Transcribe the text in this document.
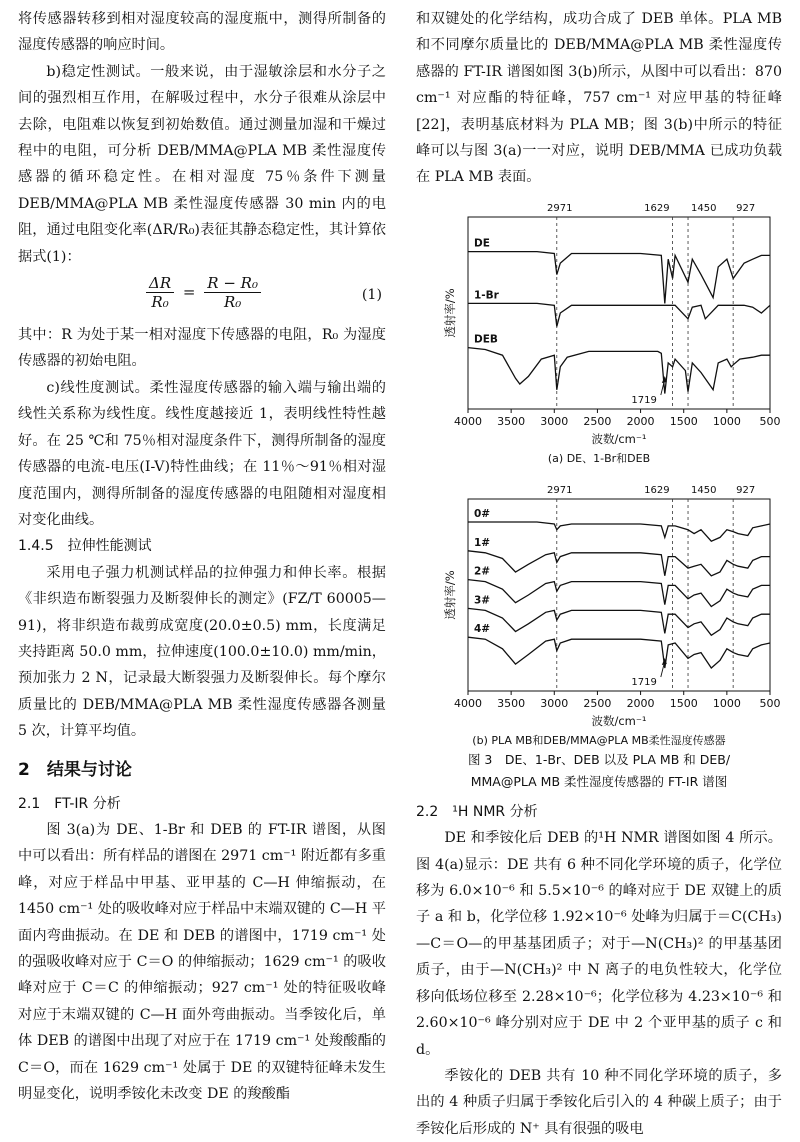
将传感器转移到相对湿度较高的湿度瓶中，测得所制备的湿度传感器的响应时间。

b)稳定性测试。一般来说，由于湿敏涂层和水分子之间的强烈相互作用，在解吸过程中，水分子很难从涂层中去除，电阻难以恢复到初始数值。通过测量加湿和干燥过程中的电阻，可分析 DEB/MMA@PLA MB 柔性湿度传感器的循环稳定性。在相对湿度 75％条件下测量 DEB/MMA@PLA MB 柔性湿度传感器 30 min 内的电阻，通过电阻变化率(ΔR/R₀)表征其静态稳定性，其计算依据式(1)：

$\frac{\Delta R}{\text{R₀}} = \frac{\text{R − R₀}}{\text{R₀}}$	(1)

其中：R 为处于某一相对湿度下传感器的电阻，R₀ 为湿度传感器的初始电阻。

c)线性度测试。柔性湿度传感器的输入端与输出端的线性关系称为线性度。线性度越接近 1，表明线性特性越好。在 25 ℃和 75％相对湿度条件下，测得所制备的湿度传感器的电流-电压(I-V)特性曲线；在 11％～91％相对湿度范围内，测得所制备的湿度传感器的电阻随相对湿度相对变化曲线。

1.4.5　拉伸性能测试

采用电子强力机测试样品的拉伸强力和伸长率。根据《非织造布断裂强力及断裂伸长的测定》(FZ/T 60005—91)，将非织造布裁剪成宽度(20.0±0.5) mm，长度满足夹持距离 50.0 mm，拉伸速度(100.0±10.0) mm/min，预加张力 2 N，记录最大断裂强力及断裂伸长。每个摩尔质量比的 DEB/MMA@PLA MB 柔性湿度传感器各测量 5 次，计算平均值。

2　结果与讨论

2.1　FT-IR 分析

图 3(a)为 DE、1-Br 和 DEB 的 FT-IR 谱图，从图中可以看出：所有样品的谱图在 2971 cm⁻¹ 附近都有多重峰，对应于样品中甲基、亚甲基的 C—H 伸缩振动，在 1450 cm⁻¹ 处的吸收峰对应于样品中末端双键的 C—H 平面内弯曲振动。在 DE 和 DEB 的谱图中，1719 cm⁻¹ 处的强吸收峰对应于 C＝O 的伸缩振动；1629 cm⁻¹ 的吸收峰对应于 C＝C 的伸缩振动；927 cm⁻¹ 处的特征吸收峰对应于末端双键的 C—H 面外弯曲振动。当季铵化后，单体 DEB 的谱图中出现了对应于在 1719 cm⁻¹ 处羧酸酯的 C＝O，而在 1629 cm⁻¹ 处属于 DE 的双键特征峰未发生明显变化，说明季铵化未改变 DE 的羧酸酯

和双键处的化学结构，成功合成了 DEB 单体。PLA MB 和不同摩尔质量比的 DEB/MMA@PLA MB 柔性湿度传感器的 FT-IR 谱图如图 3(b)所示，从图中可以看出：870 cm⁻¹ 对应酯的特征峰，757 cm⁻¹ 对应甲基的特征峰[22]，表明基底材料为 PLA MB；图 3(b)中所示的特征峰可以与图 3(a)一一对应，说明 DEB/MMA 已成功负载在 PLA MB 表面。

4000 3500 3000 2500 2000 1500 1000 500
波数/cm⁻¹
透射率/%
2971	1629 1450 927
DE
1-Br
DEB
1719

(a) DE、1-Br和DEB

4000 3500 3000 2500 2000 1500 1000 500
波数/cm⁻¹
透射率/%
2971	1629 1450 927
0#
1#
2#
3#
4#
1719

(b) PLA MB和DEB/MMA@PLA MB柔性湿度传感器

图 3　DE、1-Br、DEB 以及 PLA MB 和 DEB/

MMA@PLA MB 柔性湿度传感器的 FT-IR 谱图

2.2　¹H NMR 分析

DE 和季铵化后 DEB 的¹H NMR 谱图如图 4 所示。图 4(a)显示：DE 共有 6 种不同化学环境的质子，化学位移为 6.0×10⁻⁶ 和 5.5×10⁻⁶ 的峰对应于 DE 双键上的质子 a 和 b，化学位移 1.92×10⁻⁶ 处峰为归属于＝C(CH₃)—C＝O—的甲基基团质子；对于—N(CH₃)² 的甲基基团质子，由于—N(CH₃)² 中 N 离子的电负性较大，化学位移向低场位移至 2.28×10⁻⁶；化学位移为 4.23×10⁻⁶ 和 2.60×10⁻⁶ 峰分别对应于 DE 中 2 个亚甲基的质子 c 和 d。

季铵化的 DEB 共有 10 种不同化学环境的质子，多出的 4 种质子归属于季铵化后引入的 4 种碳上质子；由于季铵化后形成的 N⁺ 具有很强的吸电
